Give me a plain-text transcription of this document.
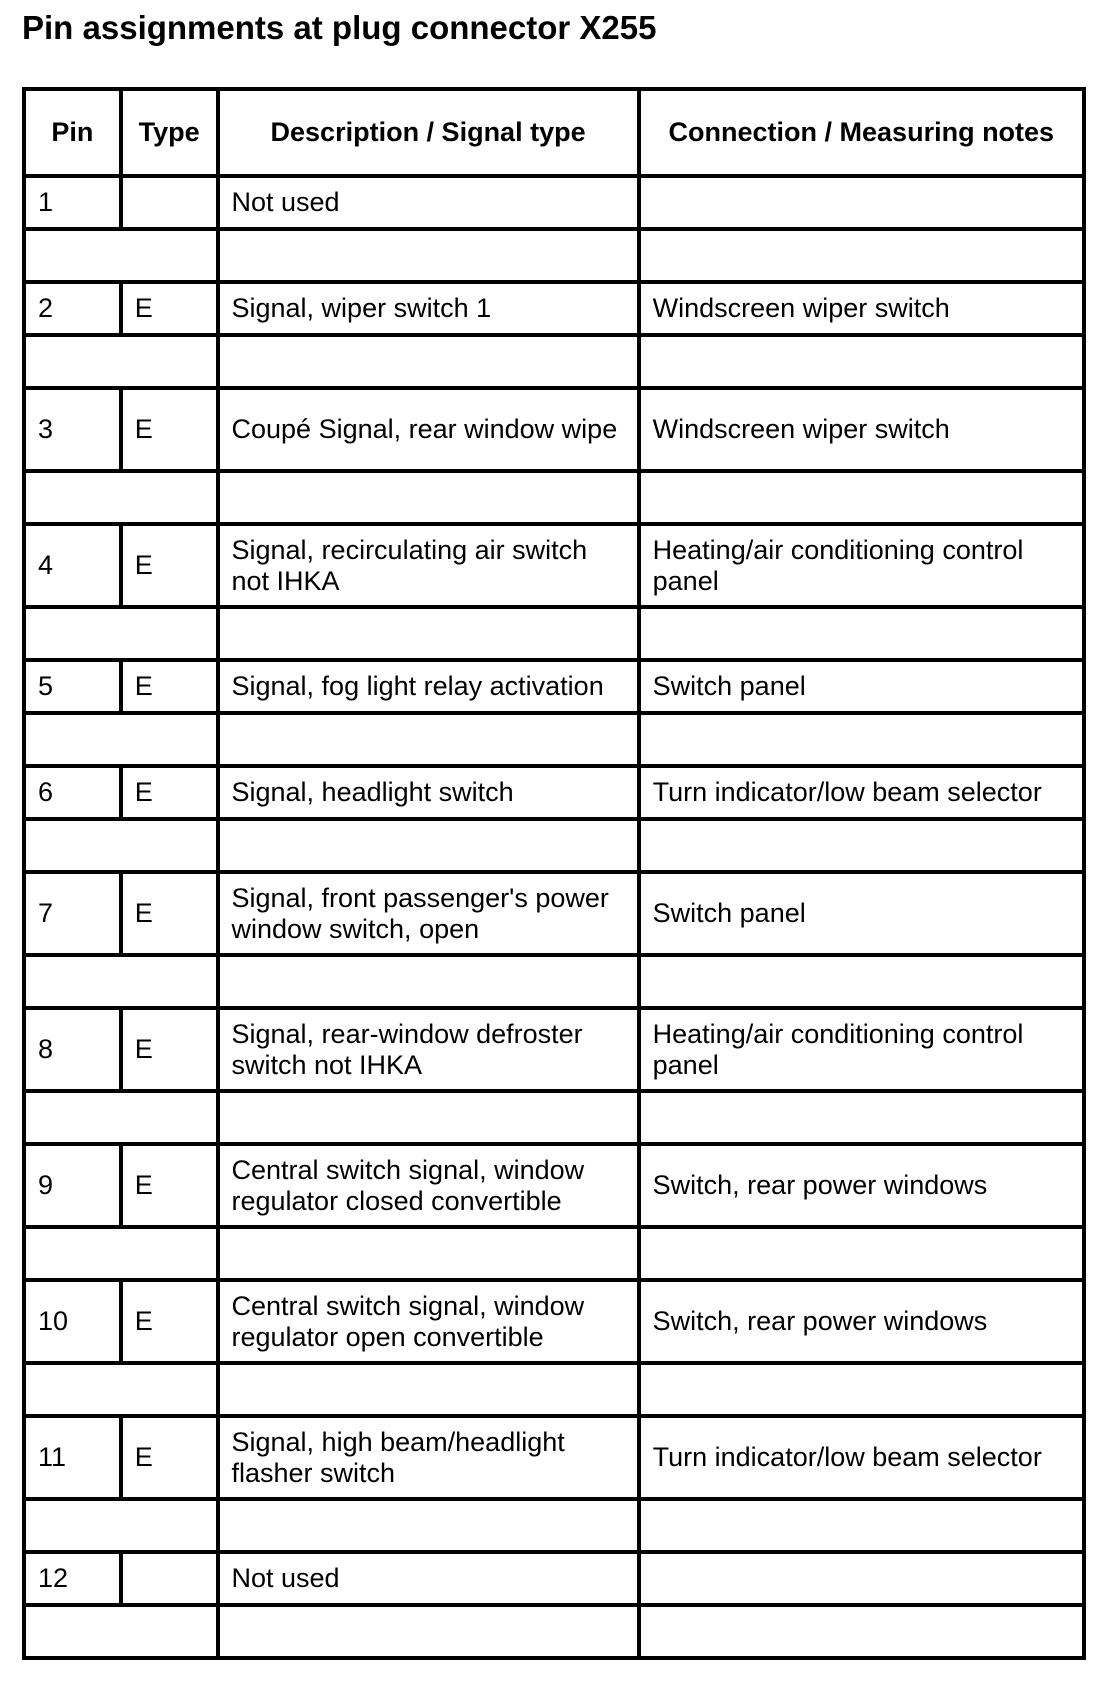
Pin assignments at plug connector X255
Pin	Type	Description / Signal type	Connection / Measuring notes
1		Not used	

2	E	Signal, wiper switch 1	Windscreen wiper switch

3	E	Coupé Signal, rear window wipe	Windscreen wiper switch

4	E	Signal, recirculating air switch not IHKA	Heating/air conditioning control panel

5	E	Signal, fog light relay activation	Switch panel

6	E	Signal, headlight switch	Turn indicator/low beam selector

7	E	Signal, front passenger's power window switch, open	Switch panel

8	E	Signal, rear-window defroster switch not IHKA	Heating/air conditioning control panel

9	E	Central switch signal, window regulator closed convertible	Switch, rear power windows

10	E	Central switch signal, window regulator open convertible	Switch, rear power windows

11	E	Signal, high beam/headlight flasher switch	Turn indicator/low beam selector

12		Not used	
